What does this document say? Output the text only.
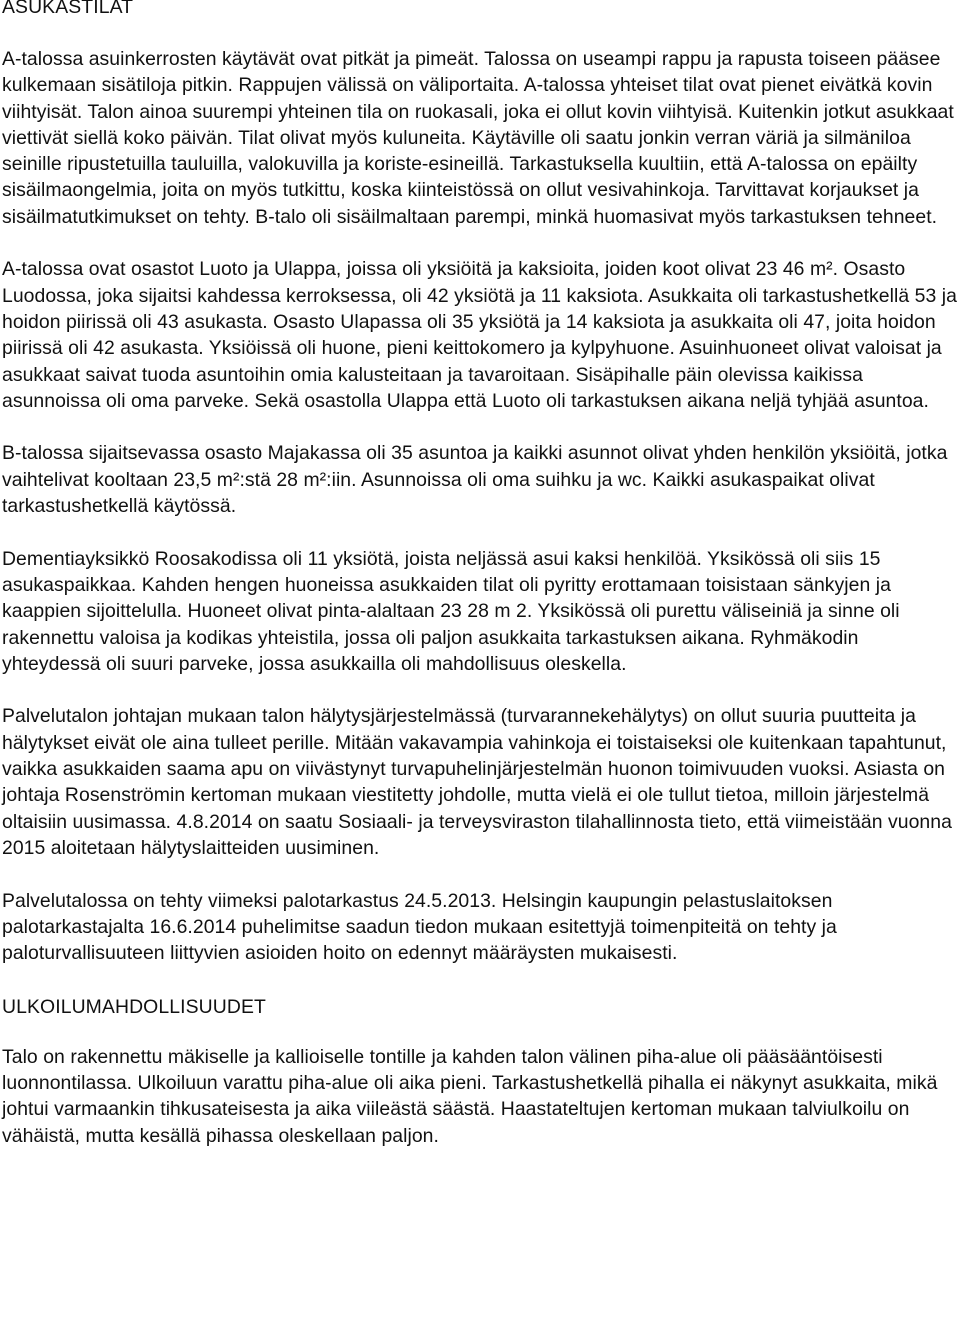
ASUKASTILAT

A-talossa asuinkerrosten käytävät ovat pitkät ja pimeät. Talossa on useampi rappu ja rapusta toiseen pääsee kulkemaan sisätiloja pitkin. Rappujen välissä on väliportaita. A-talossa yhteiset tilat ovat pienet eivätkä kovin viihtyisät. Talon ainoa suurempi yhteinen tila on ruokasali, joka ei ollut kovin viihtyisä. Kuitenkin jotkut asukkaat viettivät siellä koko päivän. Tilat olivat myös kuluneita. Käytäville oli saatu jonkin verran väriä ja silmäniloa seinille ripustetuilla tauluilla, valokuvilla ja koriste-esineillä. Tarkastuksella kuultiin, että A-talossa on epäilty sisäilmaongelmia, joita on myös tutkittu, koska kiinteistössä on ollut vesivahinkoja. Tarvittavat korjaukset ja sisäilmatutkimukset on tehty. B-talo oli sisäilmaltaan parempi, minkä huomasivat myös tarkastuksen tehneet.

A-talossa ovat osastot Luoto ja Ulappa, joissa oli yksiöitä ja kaksioita, joiden koot olivat 23 46 m². Osasto Luodossa, joka sijaitsi kahdessa kerroksessa, oli 42 yksiötä ja 11 kaksiota. Asukkaita oli tarkastushetkellä 53 ja hoidon piirissä oli 43 asukasta. Osasto Ulapassa oli 35 yksiötä ja 14 kaksiota ja asukkaita oli 47, joita hoidon piirissä oli 42 asukasta. Yksiöissä oli huone, pieni keittokomero ja kylpyhuone. Asuinhuoneet olivat valoisat ja asukkaat saivat tuoda asuntoihin omia kalusteitaan ja tavaroitaan. Sisäpihalle päin olevissa kaikissa asunnoissa oli oma parveke. Sekä osastolla Ulappa että Luoto oli tarkastuksen aikana neljä tyhjää asuntoa.

B-talossa sijaitsevassa osasto Majakassa oli 35 asuntoa ja kaikki asunnot olivat yhden henkilön yksiöitä, jotka vaihtelivat kooltaan 23,5 m²:stä 28 m²:iin. Asunnoissa oli oma suihku ja wc. Kaikki asukaspaikat olivat tarkastushetkellä käytössä.

Dementiayksikkö Roosakodissa oli 11 yksiötä, joista neljässä asui kaksi henkilöä. Yksikössä oli siis 15 asukaspaikkaa. Kahden hengen huoneissa asukkaiden tilat oli pyritty erottamaan toisistaan sänkyjen ja kaappien sijoittelulla. Huoneet olivat pinta-alaltaan 23 28 m 2. Yksikössä oli purettu väliseiniä ja sinne oli rakennettu valoisa ja kodikas yhteistila, jossa oli paljon asukkaita tarkastuksen aikana. Ryhmäkodin yhteydessä oli suuri parveke, jossa asukkailla oli mahdollisuus oleskella.

Palvelutalon johtajan mukaan talon hälytysjärjestelmässä (turvarannekehälytys) on ollut suuria puutteita ja hälytykset eivät ole aina tulleet perille. Mitään vakavampia vahinkoja ei toistaiseksi ole kuitenkaan tapahtunut, vaikka asukkaiden saama apu on viivästynyt turvapuhelinjärjestelmän huonon toimivuuden vuoksi. Asiasta on johtaja Rosenströmin kertoman mukaan viestitetty johdolle, mutta vielä ei ole tullut tietoa, milloin järjestelmä oltaisiin uusimassa. 4.8.2014 on saatu Sosiaali- ja terveysviraston tilahallinnosta tieto, että viimeistään vuonna 2015 aloitetaan hälytyslaitteiden uusiminen.

Palvelutalossa on tehty viimeksi palotarkastus 24.5.2013. Helsingin kaupungin pelastuslaitoksen palotarkastajalta 16.6.2014 puhelimitse saadun tiedon mukaan esitettyjä toimenpiteitä on tehty ja paloturvallisuuteen liittyvien asioiden hoito on edennyt määräysten mukaisesti.

ULKOILUMAHDOLLISUUDET

Talo on rakennettu mäkiselle ja kallioiselle tontille ja kahden talon välinen piha-alue oli pääsääntöisesti luonnontilassa. Ulkoiluun varattu piha-alue oli aika pieni. Tarkastushetkellä pihalla ei näkynyt asukkaita, mikä johtui varmaankin tihkusateisesta ja aika viileästä säästä. Haastateltujen kertoman mukaan talviulkoilu on vähäistä, mutta kesällä pihassa oleskellaan paljon.
